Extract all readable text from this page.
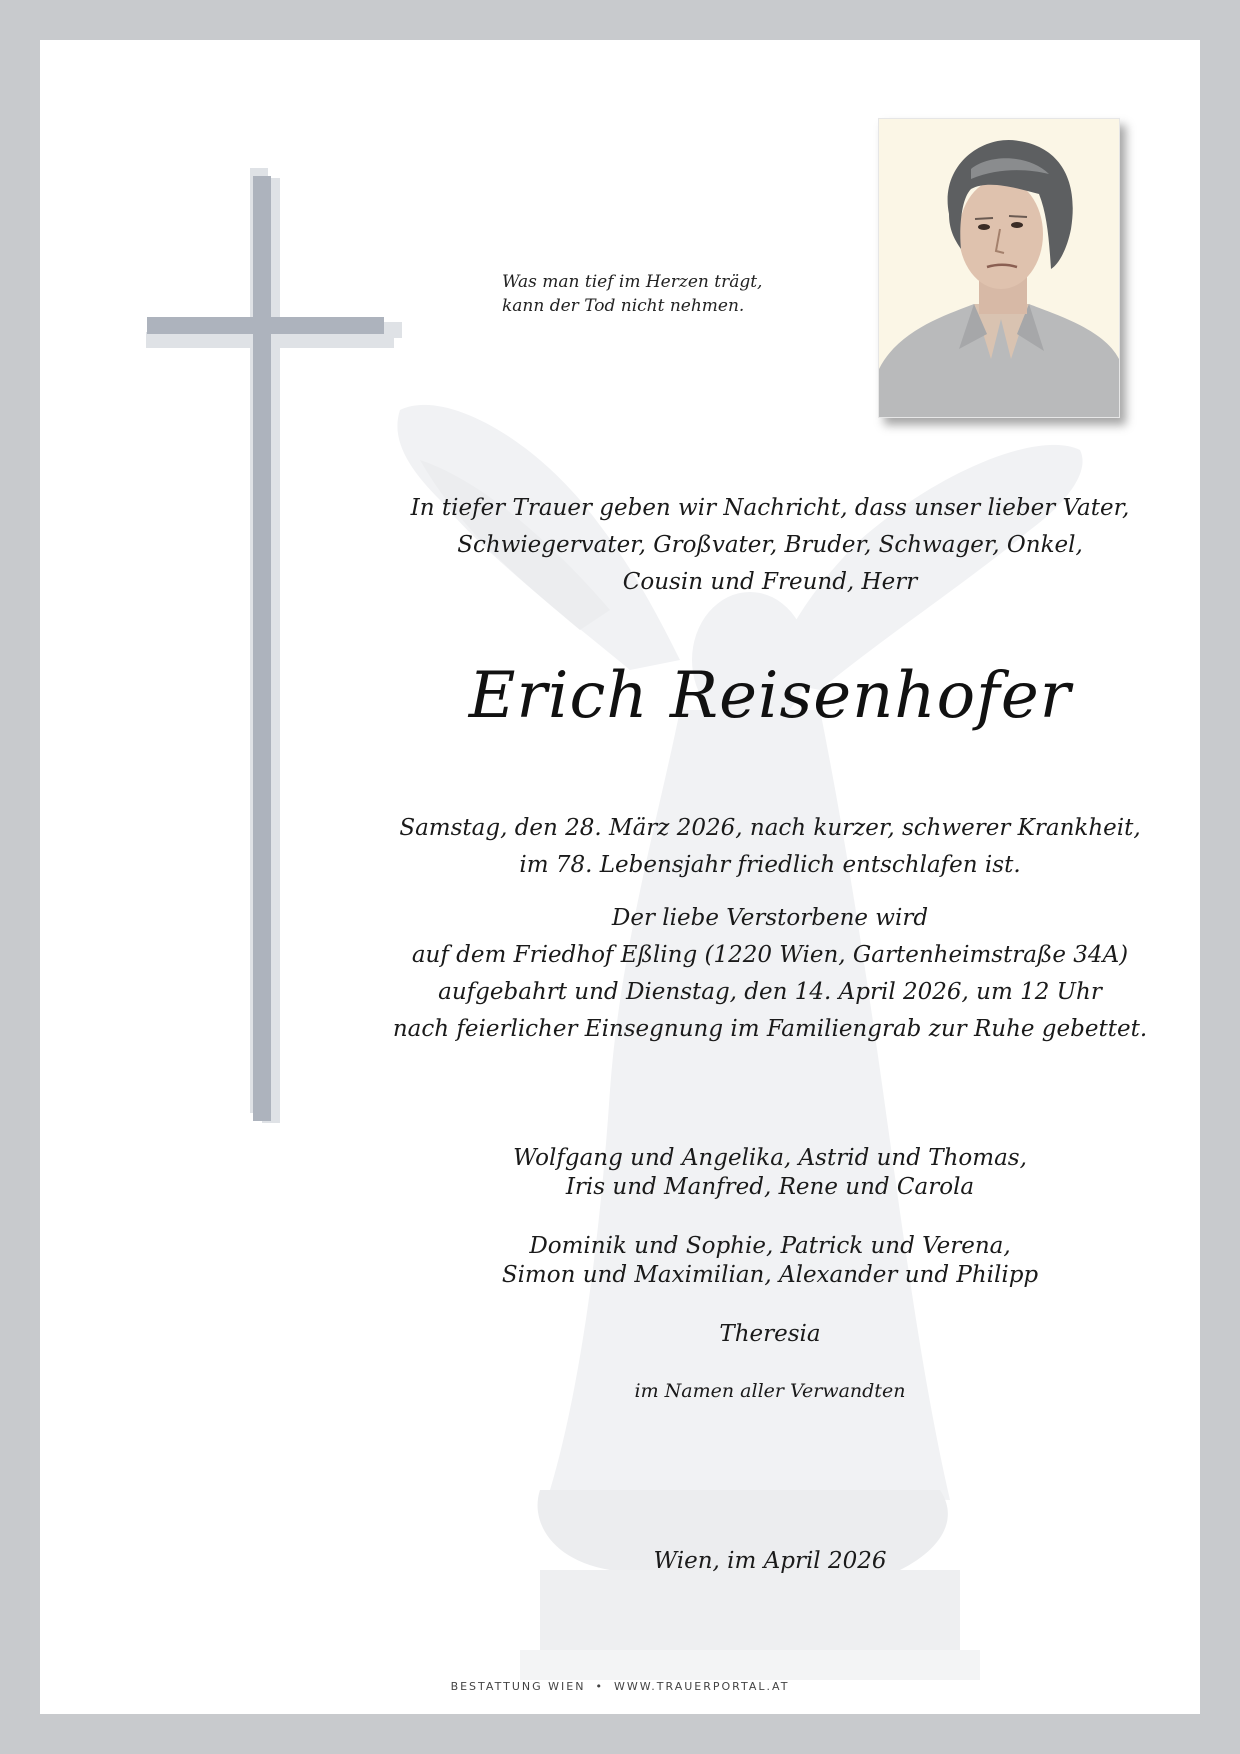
Was man tief im Herzen trägt,
kann der Tod nicht nehmen.
In tiefer Trauer geben wir Nachricht, dass unser lieber Vater,
Schwiegervater, Großvater, Bruder, Schwager, Onkel,
Cousin und Freund, Herr
Erich Reisenhofer
Samstag, den 28. März 2026, nach kurzer, schwerer Krankheit,
im 78. Lebensjahr friedlich entschlafen ist.
Der liebe Verstorbene wird
auf dem Friedhof Eßling (1220 Wien, Gartenheimstraße 34A)
aufgebahrt und Dienstag, den 14. April 2026, um 12 Uhr
nach feierlicher Einsegnung im Familiengrab zur Ruhe gebettet.
Wolfgang und Angelika, Astrid und Thomas,
Iris und Manfred, Rene und Carola
Dominik und Sophie, Patrick und Verena,
Simon und Maximilian, Alexander und Philipp
Theresia
im Namen aller Verwandten
Wien, im April 2026
BESTATTUNG WIEN • WWW.TRAUERPORTAL.AT
